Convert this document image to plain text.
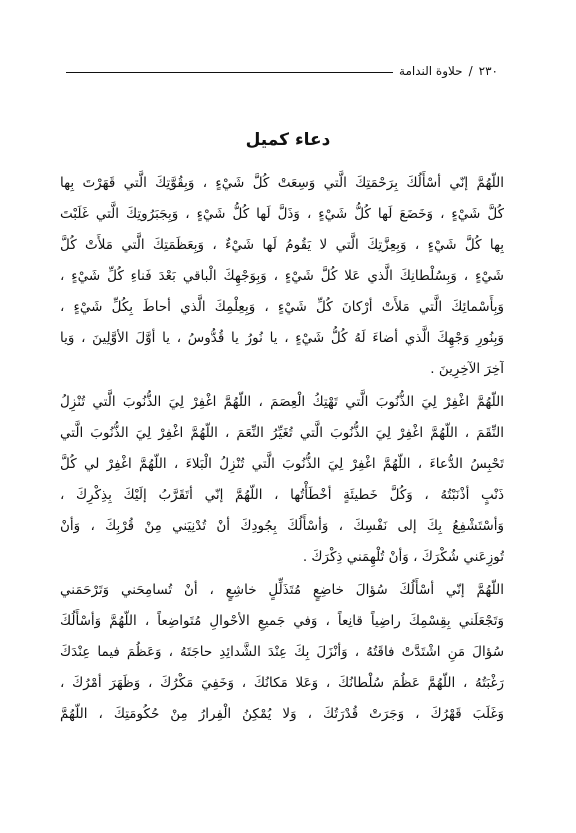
٢٣٠
/
حلاوة الندامة
دعاء كميل
اللّهُمَّ إنّي أسْأَلُكَ بِرَحْمَتِكَ الَّتي وَسِعَتْ كُلَّ شَيْءٍ ، وَبِقُوَّتِكَ الَّتي قَهَرْتَ بِها
كُلَّ شَيْءٍ ، وَخَضَعَ لَها كُلُّ شَيْءٍ ، وَذَلَّ لَها كُلُّ شَيْءٍ ، وَبِجَبَرُوتِكَ الَّتي غَلَبْتَ
بِها كُلَّ شَيْءٍ ، وَبِعِزَّتِكَ الَّتي لا يَقُومُ لَها شَيْءٌ ، وَبِعَظَمَتِكَ الَّتي مَلأَتْ كُلَّ
شَيْءٍ ، وَبِسُلْطانِكَ الَّذي عَلا كُلَّ شَيْءٍ ، وَبِوَجْهِكَ الْباقي بَعْدَ فَناءِ كُلِّ شَيْءٍ ،
وَبِأَسْمائِكَ الَّتي مَلأَتْ أرْكانَ كُلِّ شَيْءٍ ، وَبِعِلْمِكَ الَّذي أحاطَ بِكُلِّ شَيْءٍ ،
وَبِنُورِ وَجْهِكَ الَّذي أضاءَ لَهُ كُلُّ شَيْءٍ ، يا نُورُ يا قُدُّوسُ ، يا أوَّلَ الأوَّلِينَ ، وَيا
آخِرَ الآخِرِينَ .
اللّهُمَّ اغْفِرْ لِيَ الذُّنُوبَ الَّتي تَهْتِكُ الْعِصَمَ ، اللّهُمَّ اغْفِرْ لِيَ الذُّنُوبَ الَّتي تُنْزِلُ
النِّقَمَ ، اللّهُمَّ اغْفِرْ لِيَ الذُّنُوبَ الَّتي تُغَيِّرُ النِّعَمَ ، اللّهُمَّ اغْفِرْ لِيَ الذُّنُوبَ الَّتي
تَحْبِسُ الدُّعاءَ ، اللّهُمَّ اغْفِرْ لِيَ الذُّنُوبَ الَّتي تُنْزِلُ الْبَلاءَ ، اللّهُمَّ اغْفِرْ لي كُلَّ
ذَنْبٍ أذْنَبْتُهُ ، وَكُلَّ خَطيئَةٍ أخْطَأْتُها ، اللّهُمَّ إنّي أتَقَرَّبُ إلَيْكَ بِذِكْرِكَ ،
وَأسْتَشْفِعُ بِكَ إلى نَفْسِكَ ، وَأسْأَلُكَ بِجُودِكَ أنْ تُدْنِيَني مِنْ قُرْبِكَ ، وَأنْ
تُوزِعَني شُكْرَكَ ، وَأنْ تُلْهِمَني ذِكْرَكَ .
اللّهُمَّ إنّي أسْأَلُكَ سُؤالَ خاضِعٍ مُتَذَلِّلٍ خاشِعٍ ، أنْ تُسامِحَني وَتَرْحَمَني
وَتَجْعَلَني بِقِسْمِكَ راضِياً قانِعاً ، وَفي جَميعِ الأحْوالِ مُتَواضِعاً ، اللّهُمَّ وَأسْأَلُكَ
سُؤالَ مَنِ اشْتَدَّتْ فاقَتُهُ ، وَأنْزَلَ بِكَ عِنْدَ الشَّدائِدِ حاجَتَهُ ، وَعَظُمَ فيما عِنْدَكَ
رَغْبَتُهُ ، اللّهُمَّ عَظُمَ سُلْطانُكَ ، وَعَلا مَكانُكَ ، وَخَفِيَ مَكْرُكَ ، وَظَهَرَ أمْرُكَ ،
وَغَلَبَ قَهْرُكَ ، وَجَرَتْ قُدْرَتُكَ ، وَلا يُمْكِنُ الْفِرارُ مِنْ حُكُومَتِكَ ، اللّهُمَّ
